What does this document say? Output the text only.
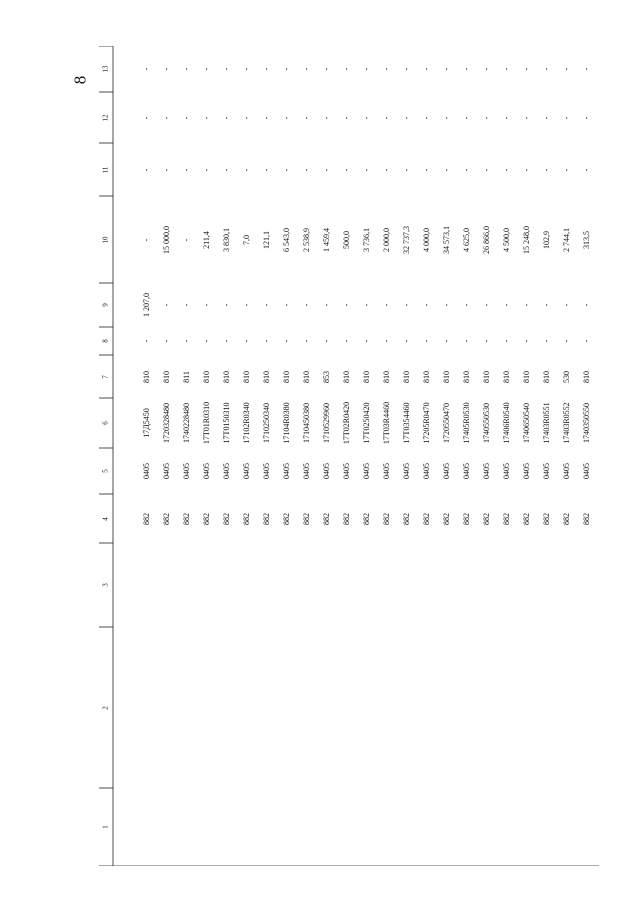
8
1
2
3
4
5
6
7
8
9
10
11
12
13
882
0405
17Д5450
810
-
1 207,0
-
-
-
-
882
0405
1720328480
810
-
-
15 000,0
-
-
-
882
0405
1740228480
811
-
-
-
-
-
-
882
0405
17Т01R0310
810
-
-
211,4
-
-
-
882
0405
17Т0150310
810
-
-
3 830,1
-
-
-
882
0405
17102R0340
810
-
-
7,0
-
-
-
882
0405
1710250340
810
-
-
121,1
-
-
-
882
0405
17104R0380
810
-
-
6 543,0
-
-
-
882
0405
1710450380
810
-
-
2 538,9
-
-
-
882
0405
1710529960
853
-
-
1 459,4
-
-
-
882
0405
17Т02R0420
810
-
-
500,0
-
-
-
882
0405
17Т0250420
810
-
-
3 736,1
-
-
-
882
0405
17Т03R4460
810
-
-
2 000,0
-
-
-
882
0405
17Т0354460
810
-
-
32 737,3
-
-
-
882
0405
17205R0470
810
-
-
4 000,0
-
-
-
882
0405
1720550470
810
-
-
34 573,1
-
-
-
882
0405
17405R0530
810
-
-
4 625,0
-
-
-
882
0405
1740550530
810
-
-
26 866,0
-
-
-
882
0405
17406R0540
810
-
-
4 500,0
-
-
-
882
0405
1740650540
810
-
-
15 248,0
-
-
-
882
0405
17403R0551
810
-
-
102,9
-
-
-
882
0405
17403R0552
530
-
-
2 744,1
-
-
-
882
0405
1740350550
810
-
-
313,5
-
-
-
